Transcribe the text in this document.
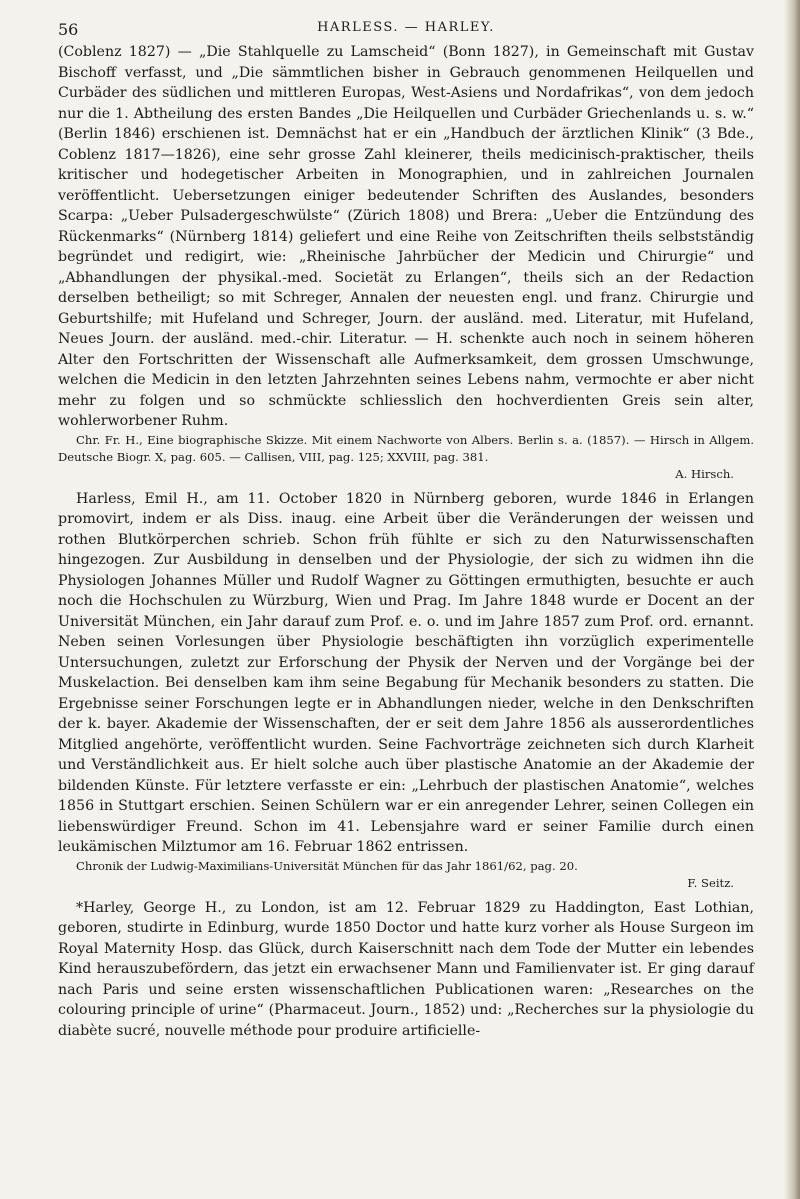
56	HARLESS. — HARLEY.

(Coblenz 1827) — „Die Stahlquelle zu Lamscheid“ (Bonn 1827), in Gemeinschaft mit Gustav Bischoff verfasst, und „Die sämmtlichen bisher in Gebrauch genommenen Heilquellen und Curbäder des südlichen und mittleren Europas, West-Asiens und Nordafrikas“, von dem jedoch nur die 1. Abtheilung des ersten Bandes „Die Heilquellen und Curbäder Griechenlands u. s. w.“ (Berlin 1846) erschienen ist. Demnächst hat er ein „Handbuch der ärztlichen Klinik“ (3 Bde., Coblenz 1817—1826), eine sehr grosse Zahl kleinerer, theils medicinisch-praktischer, theils kritischer und hodegetischer Arbeiten in Monographien, und in zahlreichen Journalen veröffentlicht. Uebersetzungen einiger bedeutender Schriften des Auslandes, besonders Scarpa: „Ueber Pulsadergeschwülste“ (Zürich 1808) und Brera: „Ueber die Entzündung des Rückenmarks“ (Nürnberg 1814) geliefert und eine Reihe von Zeitschriften theils selbstständig begründet und redigirt, wie: „Rheinische Jahrbücher der Medicin und Chirurgie“ und „Abhandlungen der physikal.-med. Societät zu Erlangen“, theils sich an der Redaction derselben betheiligt; so mit Schreger, Annalen der neuesten engl. und franz. Chirurgie und Geburtshilfe; mit Hufeland und Schreger, Journ. der ausländ. med. Literatur, mit Hufeland, Neues Journ. der ausländ. med.-chir. Literatur. — H. schenkte auch noch in seinem höheren Alter den Fortschritten der Wissenschaft alle Aufmerksamkeit, dem grossen Umschwunge, welchen die Medicin in den letzten Jahrzehnten seines Lebens nahm, vermochte er aber nicht mehr zu folgen und so schmückte schliesslich den hochverdienten Greis sein alter, wohlerworbener Ruhm.

Chr. Fr. H., Eine biographische Skizze. Mit einem Nachworte von Albers. Berlin s. a. (1857). — Hirsch in Allgem. Deutsche Biogr. X, pag. 605. — Callisen, VIII, pag. 125; XXVIII, pag. 381.

A. Hirsch.

Harless, Emil H., am 11. October 1820 in Nürnberg geboren, wurde 1846 in Erlangen promovirt, indem er als Diss. inaug. eine Arbeit über die Veränderungen der weissen und rothen Blutkörperchen schrieb. Schon früh fühlte er sich zu den Naturwissenschaften hingezogen. Zur Ausbildung in denselben und der Physiologie, der sich zu widmen ihn die Physiologen Johannes Müller und Rudolf Wagner zu Göttingen ermuthigten, besuchte er auch noch die Hochschulen zu Würzburg, Wien und Prag. Im Jahre 1848 wurde er Docent an der Universität München, ein Jahr darauf zum Prof. e. o. und im Jahre 1857 zum Prof. ord. ernannt. Neben seinen Vorlesungen über Physiologie beschäftigten ihn vorzüglich experimentelle Untersuchungen, zuletzt zur Erforschung der Physik der Nerven und der Vorgänge bei der Muskelaction. Bei denselben kam ihm seine Begabung für Mechanik besonders zu statten. Die Ergebnisse seiner Forschungen legte er in Abhandlungen nieder, welche in den Denkschriften der k. bayer. Akademie der Wissenschaften, der er seit dem Jahre 1856 als ausserordentliches Mitglied angehörte, veröffentlicht wurden. Seine Fachvorträge zeichneten sich durch Klarheit und Verständlichkeit aus. Er hielt solche auch über plastische Anatomie an der Akademie der bildenden Künste. Für letztere verfasste er ein: „Lehrbuch der plastischen Anatomie“, welches 1856 in Stuttgart erschien. Seinen Schülern war er ein anregender Lehrer, seinen Collegen ein liebenswürdiger Freund. Schon im 41. Lebensjahre ward er seiner Familie durch einen leukämischen Milztumor am 16. Februar 1862 entrissen.

Chronik der Ludwig-Maximilians-Universität München für das Jahr 1861/62, pag. 20.

F. Seitz.

*Harley, George H., zu London, ist am 12. Februar 1829 zu Haddington, East Lothian, geboren, studirte in Edinburg, wurde 1850 Doctor und hatte kurz vorher als House Surgeon im Royal Maternity Hosp. das Glück, durch Kaiserschnitt nach dem Tode der Mutter ein lebendes Kind herauszubefördern, das jetzt ein erwachsener Mann und Familienvater ist. Er ging darauf nach Paris und seine ersten wissenschaftlichen Publicationen waren: „Researches on the colouring principle of urine“ (Pharmaceut. Journ., 1852) und: „Recherches sur la physiologie du diabète sucré, nouvelle méthode pour produire artificielle-
